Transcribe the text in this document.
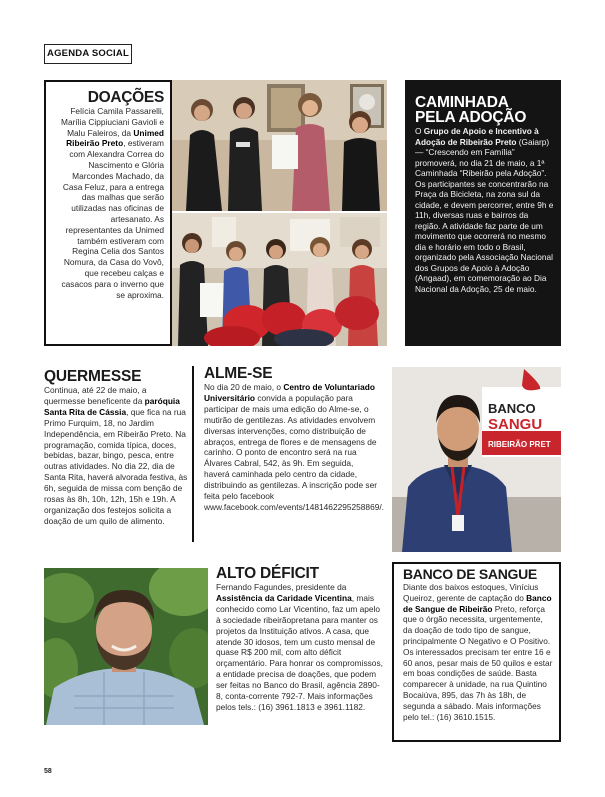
AGENDA SOCIAL
DOAÇÕES

Felícia Camila Passarelli, Marília Cippiuciani Gavioli e Malu Faleiros, da Unimed Ribeirão Preto, estiveram com Alexandra Correa do Nascimento e Glória Marcondes Machado, da Casa Feluz, para a entrega das malhas que serão utilizadas nas oficinas de artesanato. As representantes da Unimed também estiveram com Regina Celia dos Santos Nomura, da Casa do Vovô, que recebeu calças e casacos para o inverno que se aproxima.

CAMINHADA
PELA ADOÇÃO

O Grupo de Apoio e Incentivo à Adoção de Ribeirão Preto (Gaiarp) — “Crescendo em Família” promoverá, no dia 21 de maio, a 1ª Caminhada “Ribeirão pela Adoção”. Os participantes se concentrarão na Praça da Bicicleta, na zona sul da cidade, e devem percorrer, entre 9h e 11h, diversas ruas e bairros da região. A atividade faz parte de um movimento que ocorrerá no mesmo dia e horário em todo o Brasil, organizado pela Associação Nacional dos Grupos de Apoio à Adoção (Angaad), em comemoração ao Dia Nacional da Adoção, 25 de maio.

QUERMESSE

Continua, até 22 de maio, a quermesse beneficente da paróquia Santa Rita de Cássia, que fica na rua Primo Furquim, 18, no Jardim Independência, em Ribeirão Preto. Na programação, comida típica, doces, bebidas, bazar, bingo, pesca, entre outras atividades. No dia 22, dia de Santa Rita, haverá alvorada festiva, às 6h, seguida de missa com benção de rosas às 8h, 10h, 12h, 15h e 19h. A organização dos festejos solicita a doação de um quilo de alimento.

ALME-SE

No dia 20 de maio, o Centro de Voluntariado Universitário convida a população para participar de mais uma edição do Alme-se, o mutirão de gentilezas. As atividades envolvem diversas intervenções, como distribuição de abraços, entrega de flores e de mensagens de carinho. O ponto de encontro será na rua Álvares Cabral, 542, às 9h. Em seguida, haverá caminhada pelo centro da cidade, distribuindo as gentilezas. A inscrição pode ser feita pelo facebook www.facebook.com/events/1481462295258869/.

BANCO
SANGU
RIBEIRÃO PRET
ALTO DÉFICIT

Fernando Fagundes, presidente da Assistência da Caridade Vicentina, mais conhecido como Lar Vicentino, faz um apelo à sociedade ribeirãopretana para manter os projetos da Instituição ativos. A casa, que atende 30 idosos, tem um custo mensal de quase R$ 200 mil, com alto déficit orçamentário. Para honrar os compromissos, a entidade precisa de doações, que podem ser feitas no Banco do Brasil, agência 2890-8, conta-corrente 792-7. Mais informações pelos tels.: (16) 3961.1813 e 3961.1182.

BANCO DE SANGUE

Diante dos baixos estoques, Vinícius Queiroz, gerente de captação do Banco de Sangue de Ribeirão Preto, reforça que o órgão necessita, urgentemente, da doação de todo tipo de sangue, principalmente O Negativo e O Positivo. Os interessados precisam ter entre 16 e 60 anos, pesar mais de 50 quilos e estar em boas condições de saúde. Basta comparecer à unidade, na rua Quintino Bocaiúva, 895, das 7h às 18h, de segunda a sábado. Mais informações pelo tel.: (16) 3610.1515.

58
